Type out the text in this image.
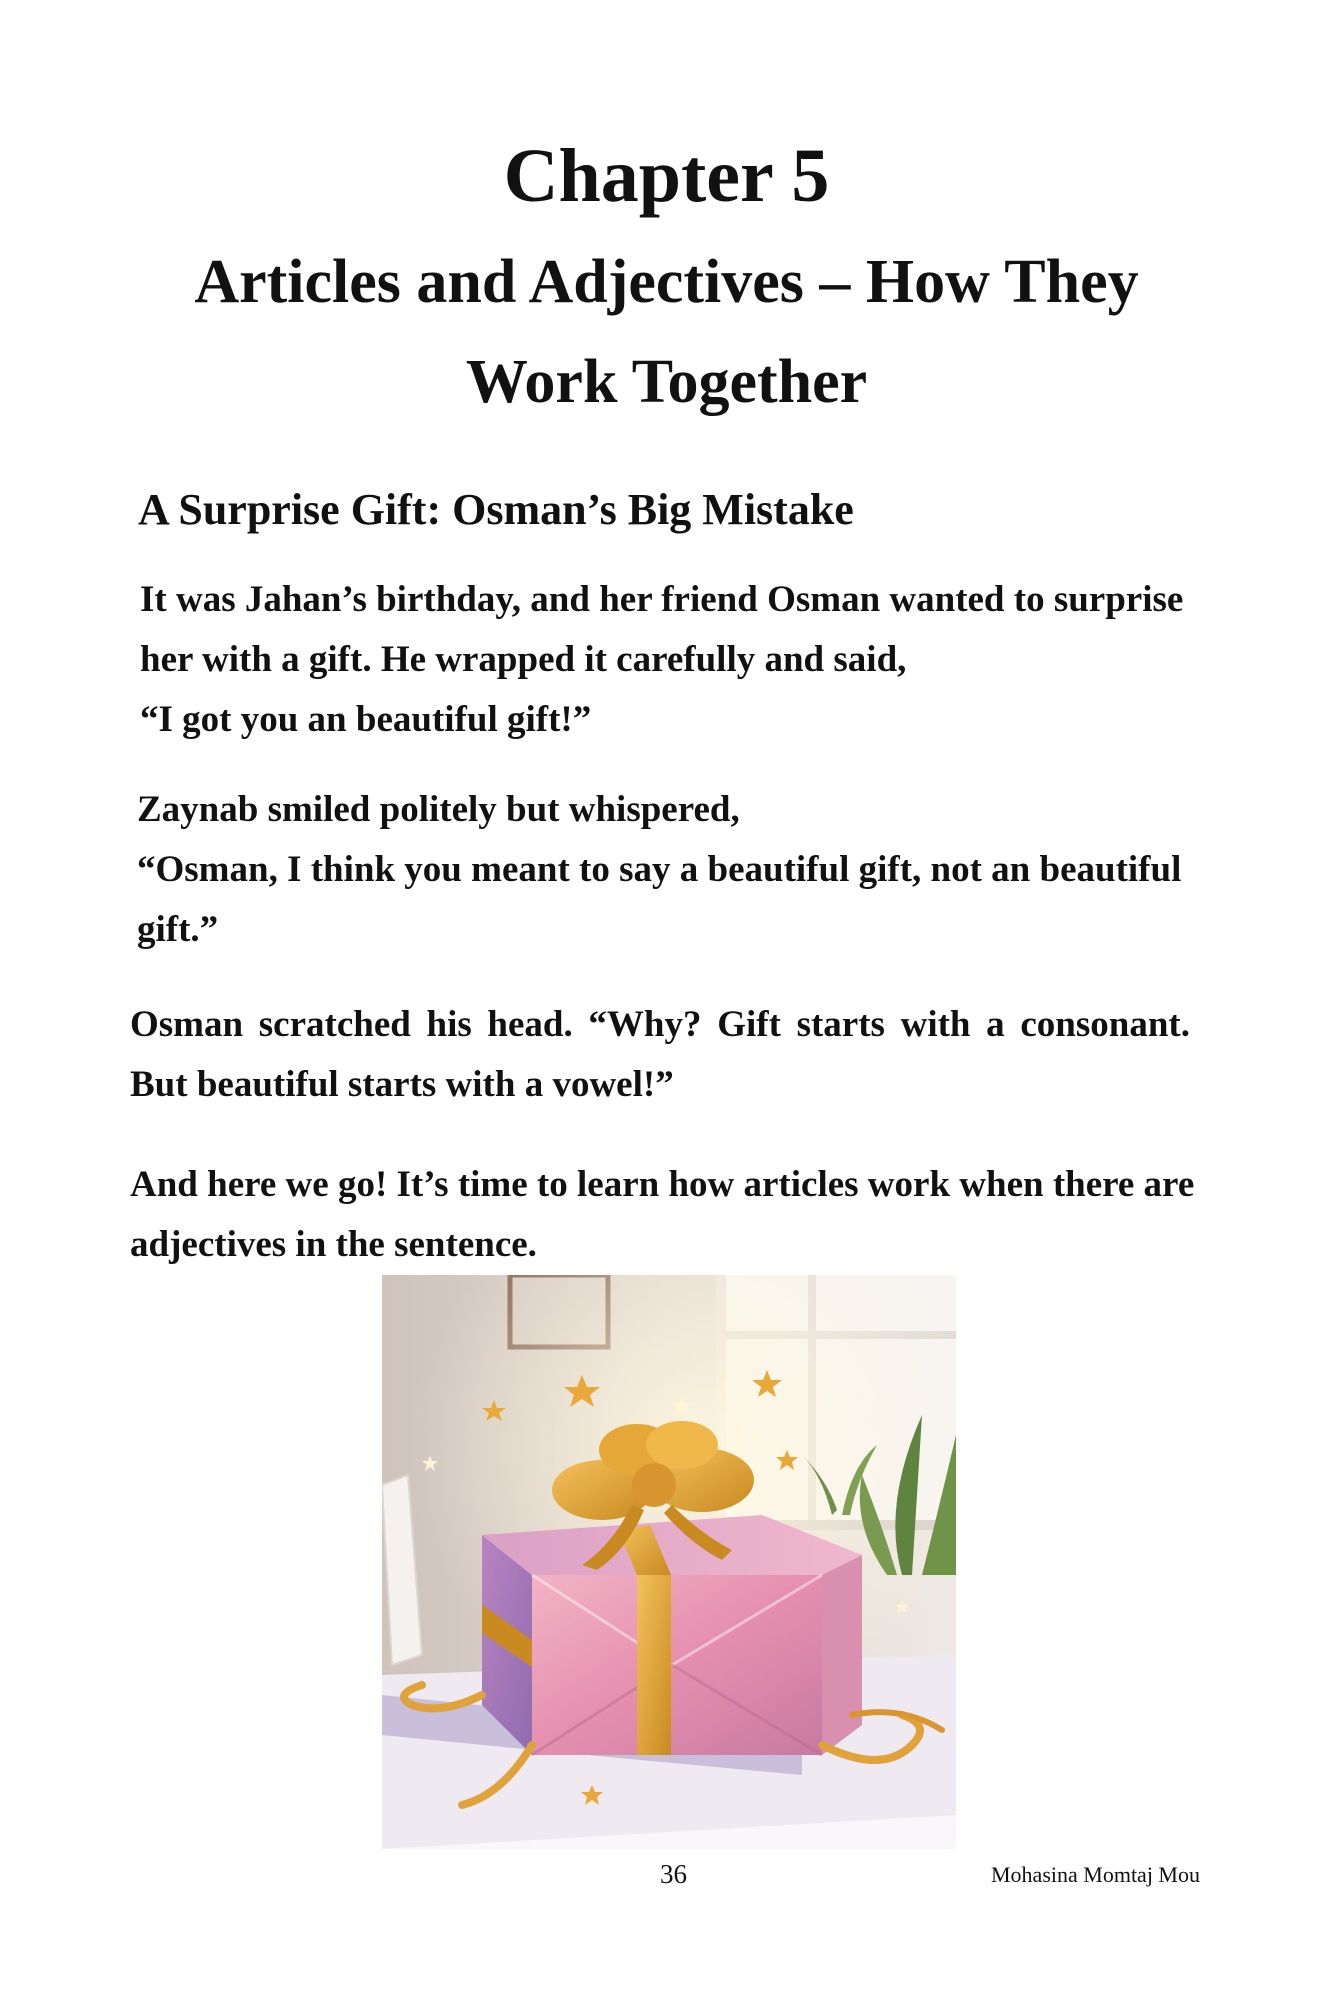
Chapter 5
Articles and Adjectives – How They Work Together
A Surprise Gift: Osman’s Big Mistake

It was Jahan’s birthday, and her friend Osman wanted to surprise her with a gift. He wrapped it carefully and said,
“I got you an beautiful gift!”

Zaynab smiled politely but whispered,
“Osman, I think you meant to say a beautiful gift, not an beautiful gift.”

Osman scratched his head. “Why? Gift starts with a consonant. But beautiful starts with a vowel!”

And here we go! It’s time to learn how articles work when there are adjectives in the sentence.

36	Mohasina Momtaj Mou
